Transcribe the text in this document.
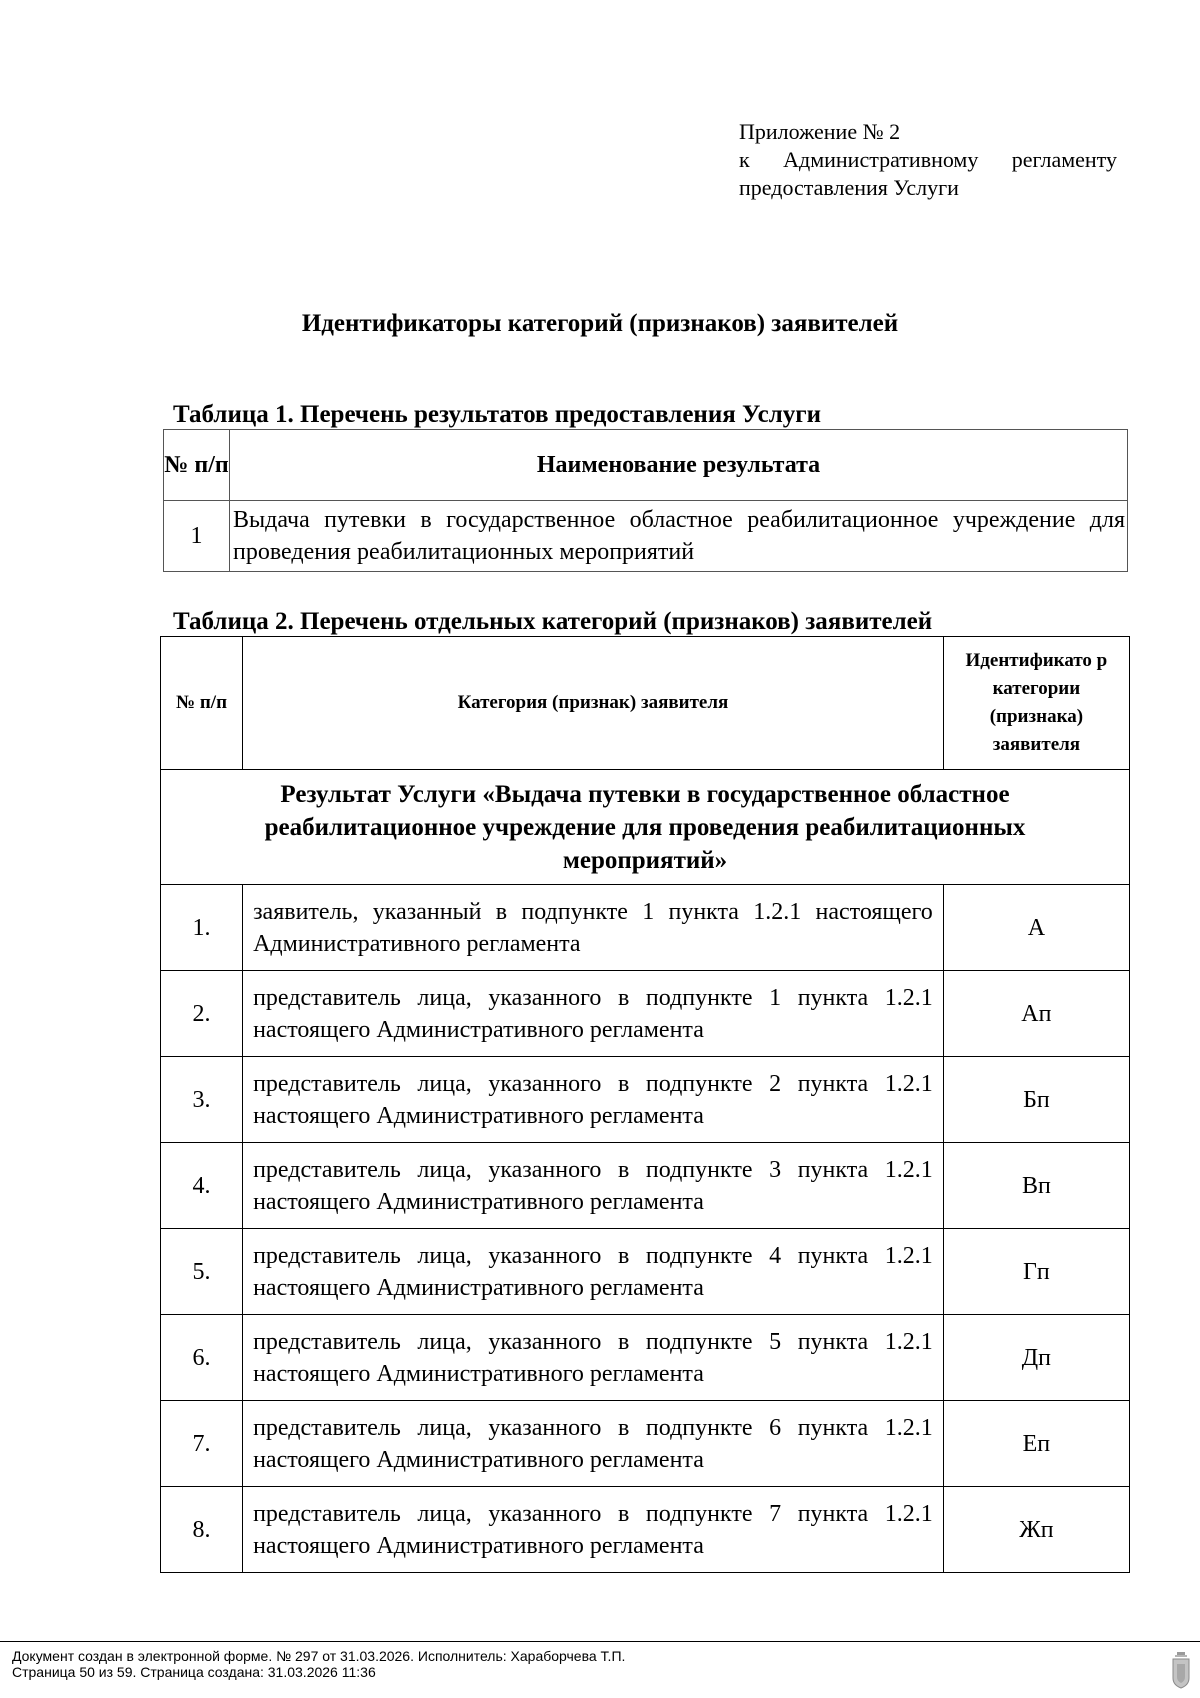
Приложение № 2
к Административному регламенту
предоставления Услуги
Идентификаторы категорий (признаков) заявителей
Таблица 1. Перечень результатов предоставления Услуги
№ п/п	Наименование результата
1	Выдача путевки в государственное областное реабилитационное учреждение для проведения реабилитационных мероприятий
Таблица 2. Перечень отдельных категорий (признаков) заявителей
№ п/п	Категория (признак) заявителя	Идентификато р категории (признака) заявителя
Результат Услуги «Выдача путевки в государственное областное реабилитационное учреждение для проведения реабилитационных мероприятий»		
1.	заявитель, указанный в подпункте 1 пункта 1.2.1 настоящего Административного регламента	А
2.	представитель лица, указанного в подпункте 1 пункта 1.2.1 настоящего Административного регламента	Ап
3.	представитель лица, указанного в подпункте 2 пункта 1.2.1 настоящего Административного регламента	Бп
4.	представитель лица, указанного в подпункте 3 пункта 1.2.1 настоящего Административного регламента	Вп
5.	представитель лица, указанного в подпункте 4 пункта 1.2.1 настоящего Административного регламента	Гп
6.	представитель лица, указанного в подпункте 5 пункта 1.2.1 настоящего Административного регламента	Дп
7.	представитель лица, указанного в подпункте 6 пункта 1.2.1 настоящего Административного регламента	Еп
8.	представитель лица, указанного в подпункте 7 пункта 1.2.1 настоящего Административного регламента	Жп
Документ создан в электронной форме. № 297 от 31.03.2026. Исполнитель: Хараборчева Т.П.
Страница 50 из 59. Страница создана: 31.03.2026 11:36
